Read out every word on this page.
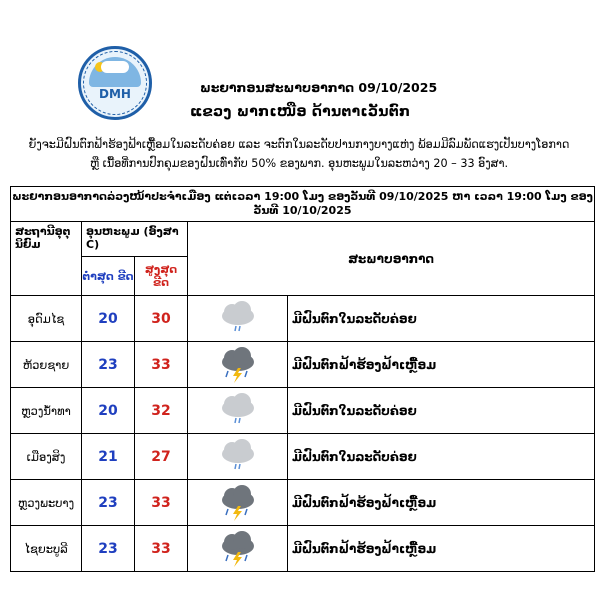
DMH	ພະຍາກອນສະພາບອາກາດ 09/10/2025
ແຂວງ ພາກເໜືອ ດ້ານຕາເວັນຕົກ
ຍັງຈະມີຝົນຕົກຟ້າຮ້ອງຟ້າເຫຼື້ອມໃນລະດັບຄ່ອຍ ແລະ ຈະຕົກໃນລະດັບປານກາງບາງແຫ່ງ ພ້ອມມີລົມພັດແຮງເປັນບາງໂອກາດ
ຫຼື ເນື້ອທີ່ການປົກຄຸມຂອງຝົນເທົ່າກັບ 50% ຂອງພາກ. ອຸນຫະພູມໃນລະຫວ່າງ 20 – 33 ອົງສາ.
ພະຍາກອນອາກາດລ່ວງໜ້າປະຈຳເມືອງ ແຕ່ເວລາ 19:00 ໂມງ ຂອງວັນທີ 09/10/2025 ຫາ ເວລາ 19:00 ໂມງ ຂອງວັນທີ 10/10/2025				
ສະຖານີອຸຕຸນິຍົມ	ອຸນຫະພູມ (ອົງສາ C)		ສະພາບອາກາດ	
	ຕ່ຳສຸດ ຂີດ	ສູງສຸດ ຂີດ		
ອຸດົມໄຊ	20	30		ມີຝົນຕົກໃນລະດັບຄ່ອຍ
ຫ້ວຍຊາຍ	23	33		ມີຝົນຕົກຟ້າຮ້ອງຟ້າເຫຼື້ອມ
ຫຼວງນ້ຳທາ	20	32		ມີຝົນຕົກໃນລະດັບຄ່ອຍ
ເມືອງສິງ	21	27		ມີຝົນຕົກໃນລະດັບຄ່ອຍ
ຫຼວງພະບາງ	23	33		ມີຝົນຕົກຟ້າຮ້ອງຟ້າເຫຼື້ອມ
ໄຊຍະບູລີ	23	33		ມີຝົນຕົກຟ້າຮ້ອງຟ້າເຫຼື້ອມ
